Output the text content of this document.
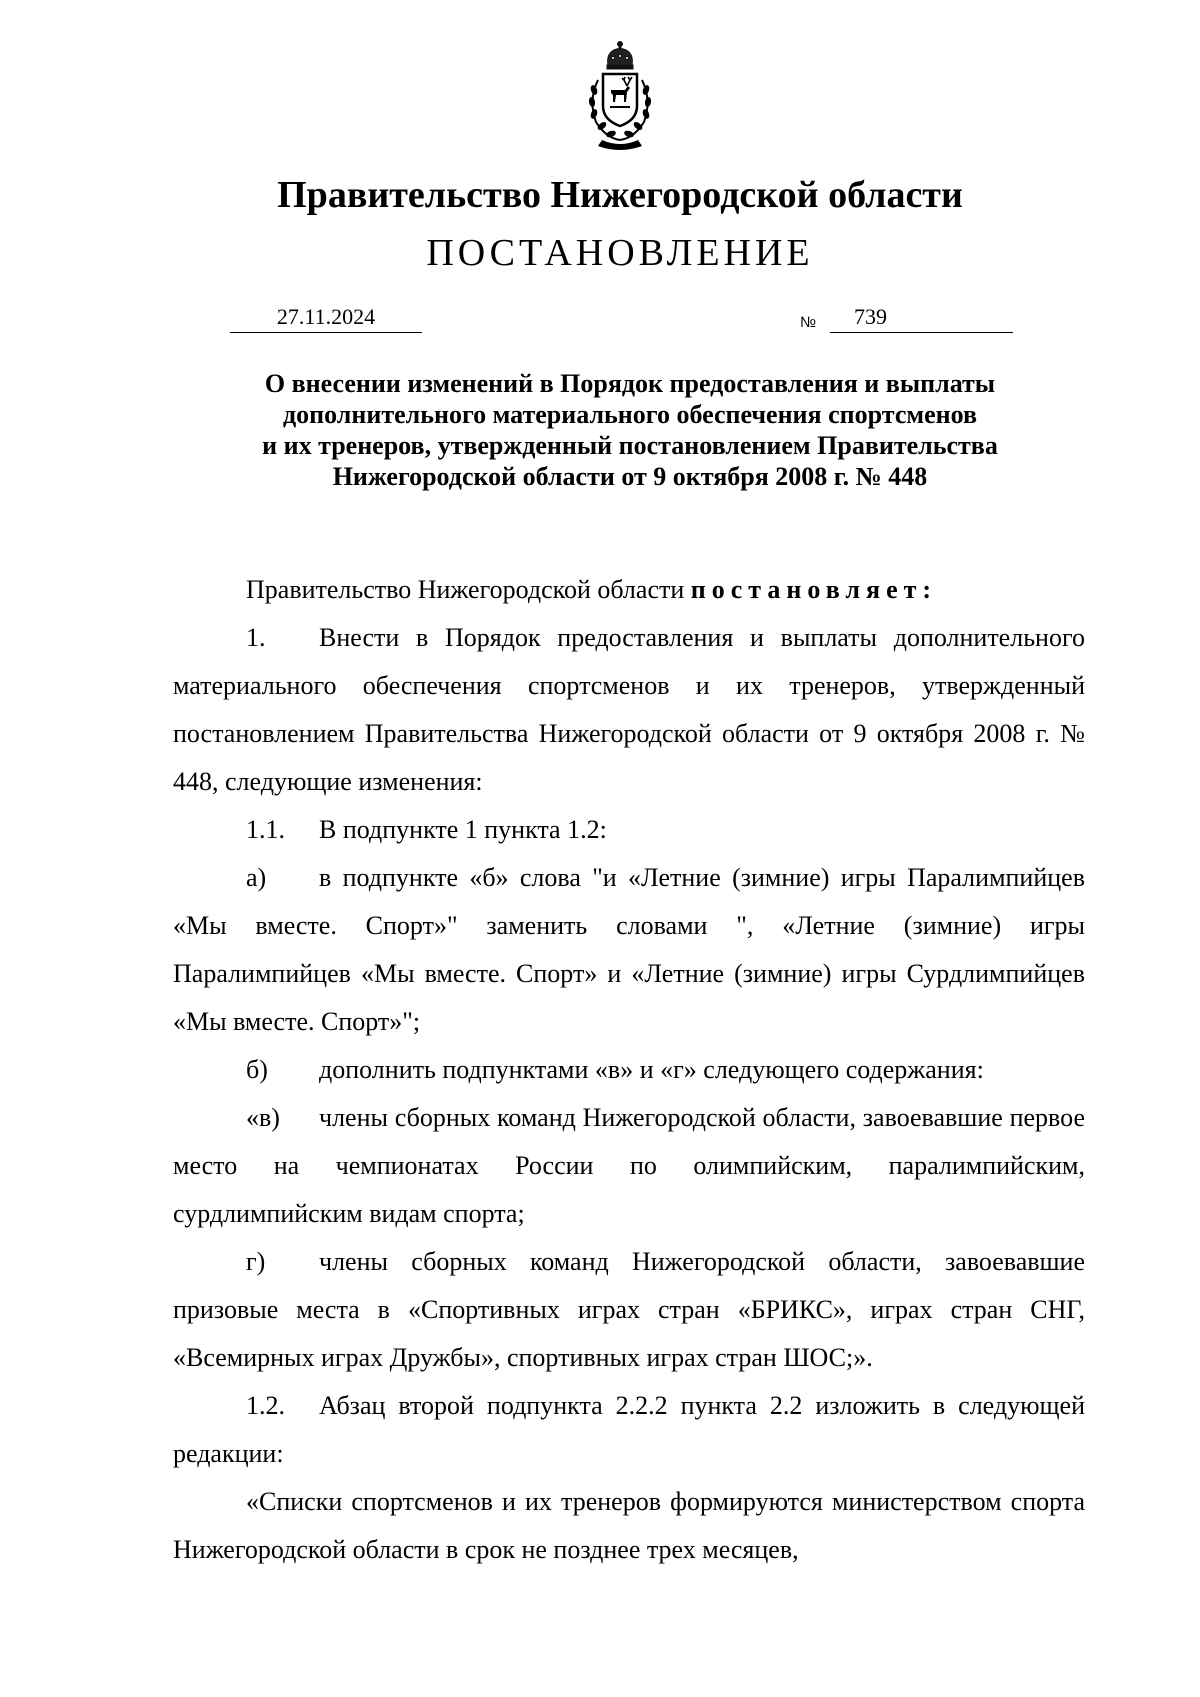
Правительство Нижегородской области
ПОСТАНОВЛЕНИЕ
27.11.2024	№	739
О внесении изменений в Порядок предоставления и выплаты
дополнительного материального обеспечения спортсменов
и их тренеров, утвержденный постановлением Правительства
Нижегородской области от 9 октября 2008 г. № 448

Правительство Нижегородской области постановляет:

1. Внести в Порядок предоставления и выплаты дополнительного материального обеспечения спортсменов и их тренеров, утвержденный постановлением Правительства Нижегородской области от 9 октября 2008 г. № 448, следующие изменения:

1.1. В подпункте 1 пункта 1.2:

а) в подпункте «б» слова "и «Летние (зимние) игры Паралимпийцев «Мы вместе. Спорт»" заменить словами ", «Летние (зимние) игры Паралимпийцев «Мы вместе. Спорт» и «Летние (зимние) игры Сурдлимпийцев «Мы вместе. Спорт»";

б) дополнить подпунктами «в» и «г» следующего содержания:

«в) члены сборных команд Нижегородской области, завоевавшие первое место на чемпионатах России по олимпийским, паралимпийским, сурдлимпийским видам спорта;

г) члены сборных команд Нижегородской области, завоевавшие призовые места в «Спортивных играх стран «БРИКС», играх стран СНГ, «Всемирных играх Дружбы», спортивных играх стран ШОС;».

1.2. Абзац второй подпункта 2.2.2 пункта 2.2 изложить в следующей редакции:

«Списки спортсменов и их тренеров формируются министерством спорта Нижегородской области в срок не позднее трех месяцев,
